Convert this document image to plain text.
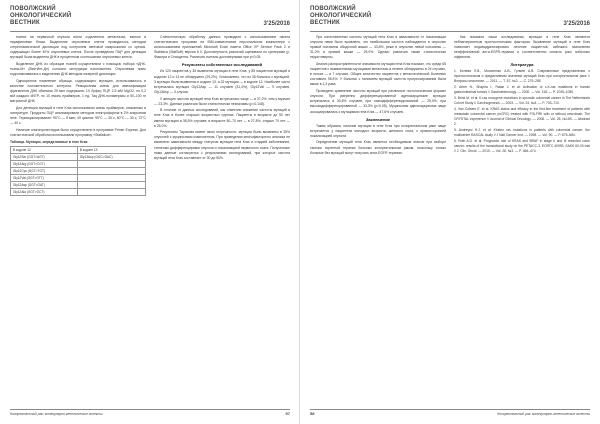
ПОВОЛЖСКИЙ
ОНКОЛОГИЧЕСКИЙ
ВЕСТНИК	3'25/2016

тканях на первичной опухоли и/или отдаленных метастазах, взятые в парафиновые блоки. Выделение опухолевых клеток проводилось методом стереотаксической диссекции под контролем световой микроскопии со срезов, содержащих более 40% опухолевых клеток. После проведения ПЦР для детекции мутаций была выделена ДНК в процентном соотношении опухолевых клеток.

Выделение ДНК из образцов тканей осуществляли с помощью набора «ДНК-тканы-М» (ВектИнт-Дн) согласно инструкции изготовителя. Опухолевая ткань подготавливалась к выделению ДНК методом лазерной диссекции.

Однократное плавление образца, содержащего мутацию, использовалось в качестве положительного контроля. Реакционная смесь для амплификации фрагментов ДНК объемом 25 мкл содержала: 1Х буфер ПЦР, 2,5 мМ MgCl2, по 0,2 мМ каждого dNTP, по 10 пмоль праймеров, 1 ед. Taq ДНК-полимеразы и 50–100 нг матричной ДНК.

Для детекции мутаций в гене Kras использовали смесь праймеров, описанных в литературе. Продукты ПЦР анализировали методом электрофореза в 2% агарозном геле. Термоциклирование: 95°С — 5 мин; 40 циклов: 95°С — 30 с, 60°С — 30 с, 72°С — 40 с.

Наличие олигонуклеотидов было осуществлено в программе Primer Express. Для статистической обработки использовали программу «Statistica».

Таблица. Мутации, определяемые в гене Kras
В кодоне 12	В кодоне 13
Gly12Ser (GGT>AGT)	Gly13Asp (GGC>GAC)
Gly12Arg (GGT>CGT)	
Gly12Cys (GGT>TGT)	
Gly12Val (GGT>GTT)	
Gly12Asp (GGT>GAT)	
Gly12Ala (GGT>GCT)	

Статистическую обработку данных проводили с использованием пакета статистических программ на IBM-совместимом персональном компьютере с использованием приложений Microsoft Excel пакета Office XP Service Pack 2 и Statistica (StatSoft) версии 6.0. Достоверность различий оценивали по критериям χ², Фишера и Стьюдента. Различия считали достоверными при p<0,05.

Результаты собственных исследований

Из 120 пациентов у 35 выявлены мутации в гене Kras, у 85 пациентов мутаций в кодонах 12 и 13 не обнаружено (29,2%). Установлено, что из 35 больных с мутацией, 3 мутации были выявлены в кодоне 13, а 32 мутации — в кодоне 12. Наиболее часто встречалась мутация Gly12Asp — 11 случаев (31,4%), Gly12Val — 9 случаев, Gly13Asp — 3 случая.

У женщин частота мутаций гена Kras встречалась чаще — в 37,2%, чем у мужчин — 23,3%. Данные различия были статистически незначимы (p=0,148).

В отличие от данных исследований, мы отметили снижение частоты мутаций в гене Kras в более старших возрастных группах. Пациенты в возрасте до 50 лет имели мутацию в 38,5% случаев, в возрасте 50–70 лет — в 27,8%, старше 70 лет — в 25,0%.

Результаты Тарасова имеют свою погрешность: мутации были выявлены в 35% опухолей с муцинозным компонентом. При проведении многофакторного анализа не выявлено зависимости между статусом мутации гена Kras и стадией заболевания, степенью дифференцировки опухоли и локализацией первичного очага. Полученные нами данные согласуются с результатами исследований, при которых частота мутаций гена Kras составляет от 30 до 50%.

Колоректальный рак: молекулярно-генетические аспекты	57
ПОВОЛЖСКИЙ
ОНКОЛОГИЧЕСКИЙ
ВЕСТНИК	3'25/2016

При сопоставлении частоты мутаций гена Kras в зависимости от локализации опухоли нами было выявлено, что наибольшая частота наблюдается в опухолях правой половины ободочной кишки — 43,8%, реже в опухолях левой половины — 31,2% и прямой кишки — 25,0%. Однако различия также статистически недостоверны.

Анализ распространенности значимости мутации гена Kras показал, что среди 65 пациентов с выявленными мутациями метастазы в печени обнаружены в 24 случаях, в легких — в 7 случаях. Общее количество пациентов с метастатической болезнью составило 96,5%. У больных с наличием мутаций частота прогрессирования была выше в 1,4 раза.

Проведено сравнение частоты мутаций при различных гистологических формах опухоли. При умеренно дифференцированной аденокарциноме мутации встречались в 30,8% случаев, при низкодифференцированной — 25,0%, при высокодифференцированной — 33,3% (p>0,05). Муцинозная аденокарцинома чаще ассоциировалась с мутациями гена Kras — 47,6% случаев.

Заключение

Таким образом, наличие мутации в гене Kras при колоректальном раке чаще встречается у пациентов молодого возраста, женского пола, с правосторонней локализацией опухоли.

Определение мутаций гена Kras является необходимым этапом при выборе тактики таргетной терапии больных колоректальным раком, поскольку только больные без мутаций могут получать анти-EGFR терапию.

Как показали наши исследования, мутации в гене Kras являются неблагоприятным прогностическим фактором. Выявление мутаций в гене Kras позволяет индивидуализировать лечение пациентов, избежать назначения неэффективной анти-EGFR-терапии и соответственно снизить риск побочных эффектов.

Литература

1. Белева Л.В., Моисеенко А.В., Гуляев А.В. Современные представления о прогностическом и предиктивном значении мутаций Kras при колоректальном раке // Вопросы онкологии. — 2011. — Т. 57, №2. — С. 279–285.

2. Arber N., Shapira I., Ratan J. et al. Activation of c-K-ras mutations in human gastrointestinal tumors // Gastroenterology. — 2000. — Vol. 118. — P. 1045–1050.

3. Brink M. et al. K-ras oncogene mutations in sporadic colorectal cancer in The Netherlands Cohort Study // Carcinogenesis. — 2003. — Vol. 24, №4. — P. 703–710.

4. Van Cutsem E. et al. KRAS status and efficacy in the first-line treatment of patients with metastatic colorectal cancer (mCRC) treated with FOLFIRI with or without cetuximab: The CRYSTAL experience // Journal of Clinical Oncology. — 2008. — Vol. 26, №15S. — Abstract 2.

5. Andreyev H.J. et al. Kirsten ras mutations in patients with colorectal cancer: the multicenter RASCAL study // J Natl Cancer Inst. — 1998. — Vol. 90. — P. 675–684.

6. Roth A.D. et al. Prognostic role of KRAS and BRAF in stage II and III resected colon cancer: results of the translational study on the PETACC-3, EORTC 40993, SAKK 60-00 trial // J. Clin. Oncol. — 2010. — Vol. 28, №3. — P. 466–474.

58	Колоректальный рак: молекулярно-генетические аспекты
